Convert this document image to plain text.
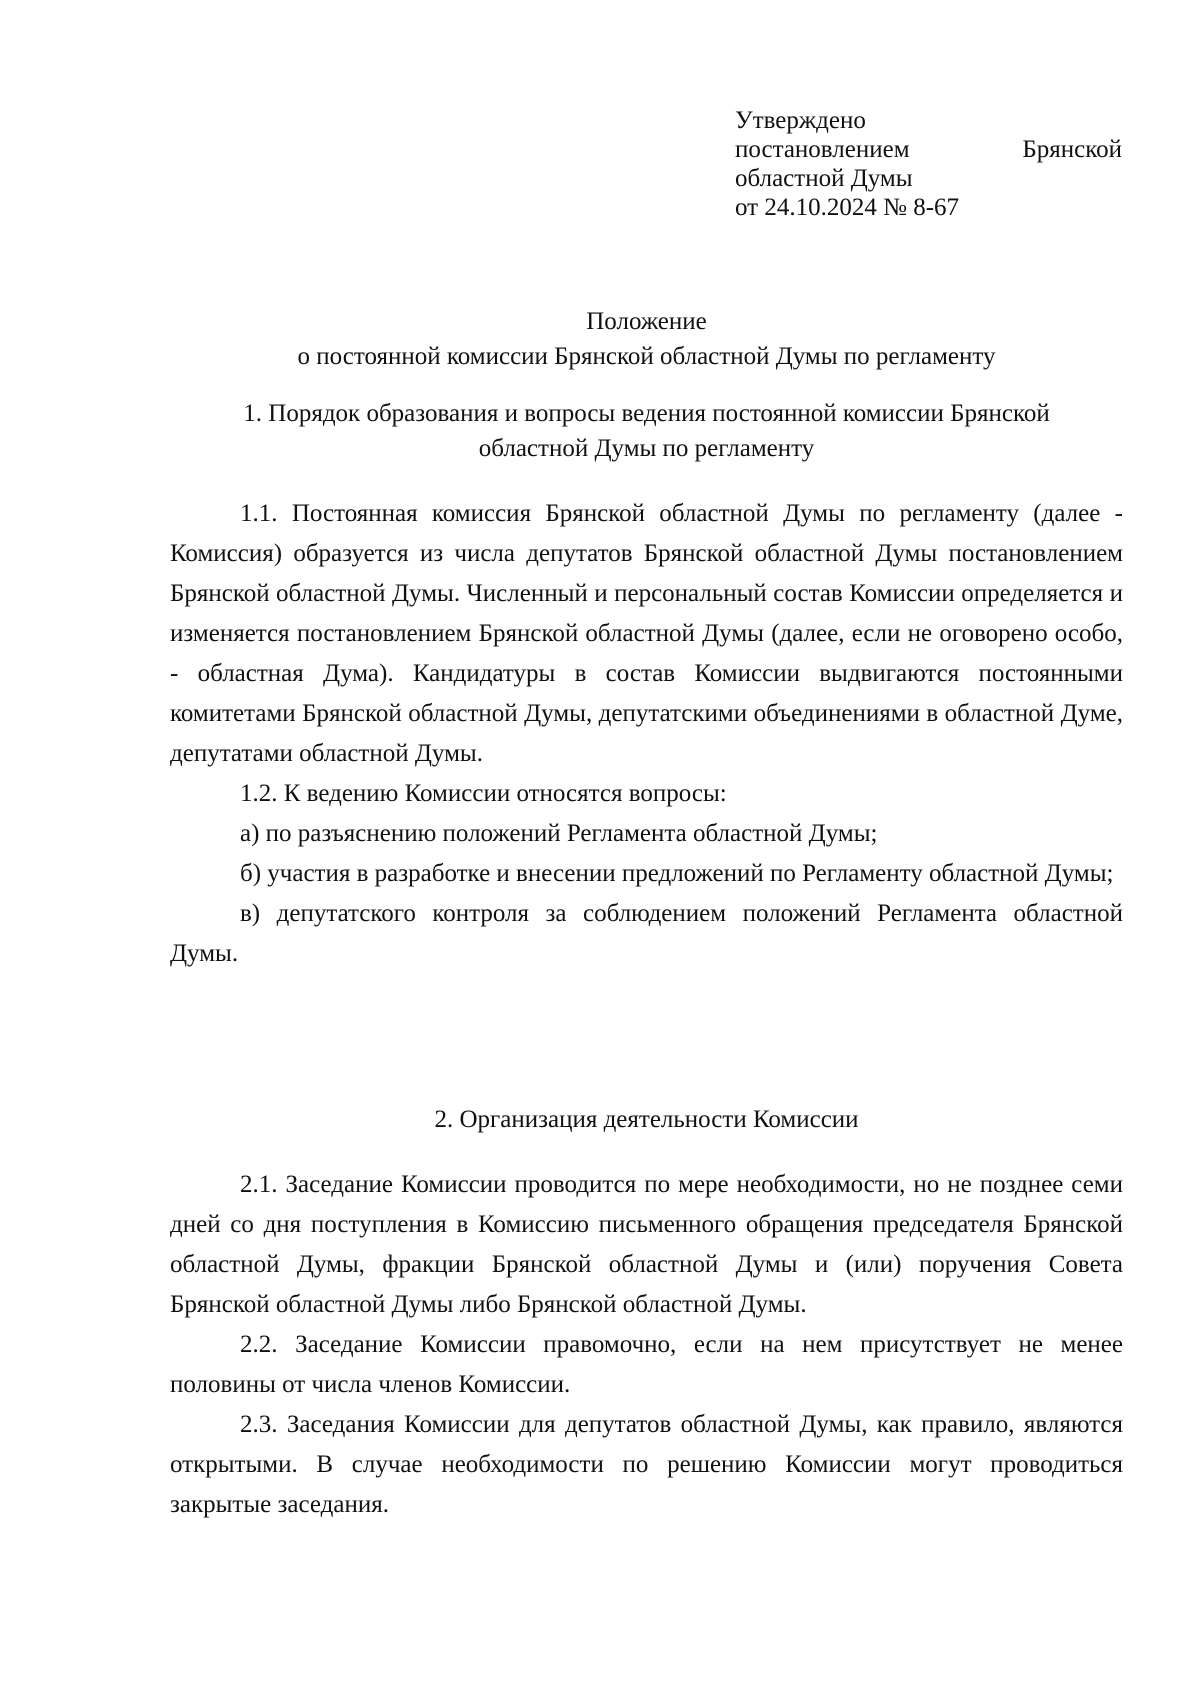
Утверждено
постановлением	Брянской
областной Думы
от 24.10.2024 № 8-67
Положение
о постоянной комиссии Брянской областной Думы по регламенту
1. Порядок образования и вопросы ведения постоянной комиссии Брянской
областной Думы по регламенту

1.1. Постоянная комиссия Брянской областной Думы по регламенту (далее - Комиссия) образуется из числа депутатов Брянской областной Думы постановлением Брянской областной Думы. Численный и персональный состав Комиссии определяется и изменяется постановлением Брянской областной Думы (далее, если не оговорено особо, - областная Дума). Кандидатуры в состав Комиссии выдвигаются постоянными комитетами Брянской областной Думы, депутатскими объединениями в областной Думе, депутатами областной Думы.

1.2. К ведению Комиссии относятся вопросы:

а) по разъяснению положений Регламента областной Думы;

б) участия в разработке и внесении предложений по Регламенту областной Думы;

в) депутатского контроля за соблюдением положений Регламента областной Думы.

2. Организация деятельности Комиссии

2.1. Заседание Комиссии проводится по мере необходимости, но не позднее семи дней со дня поступления в Комиссию письменного обращения председателя Брянской областной Думы, фракции Брянской областной Думы и (или) поручения Совета Брянской областной Думы либо Брянской областной Думы.

2.2. Заседание Комиссии правомочно, если на нем присутствует не менее половины от числа членов Комиссии.

2.3. Заседания Комиссии для депутатов областной Думы, как правило, являются открытыми. В случае необходимости по решению Комиссии могут проводиться закрытые заседания.
